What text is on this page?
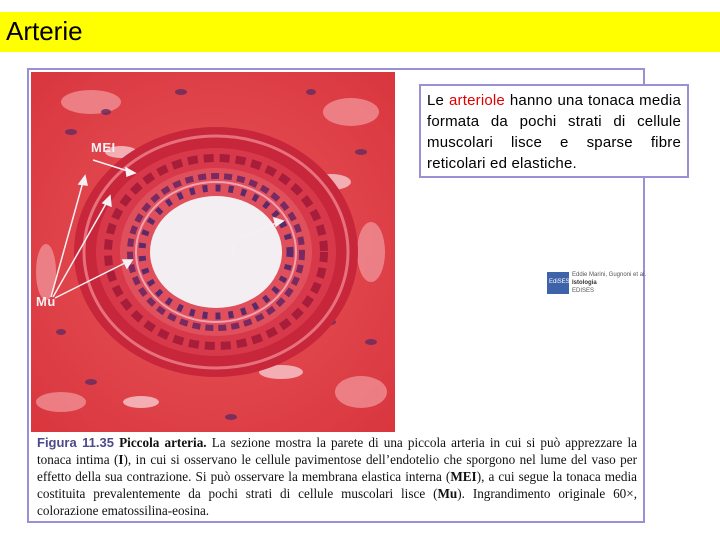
Arterie
MEI
Mu
I
EdiSES
Eddie Marini, Gugnoni et al.
Istologia
EDISES
Figura 11.35 Piccola arteria. La sezione mostra la parete di una piccola arteria in cui si può apprezzare la tonaca intima (I), in cui si osservano le cellule pavimentose dell’endotelio che sporgono nel lume del vaso per effetto della sua contrazione. Si può osservare la membrana elastica interna (MEI), a cui segue la tonaca media costituita prevalentemente da pochi strati di cellule muscolari lisce (Mu). Ingrandimento originale 60×, colorazione ematossilina-eosina.
Le arteriole hanno una tonaca media formata da pochi strati di cellule muscolari lisce e sparse fibre reticolari ed elastiche.
